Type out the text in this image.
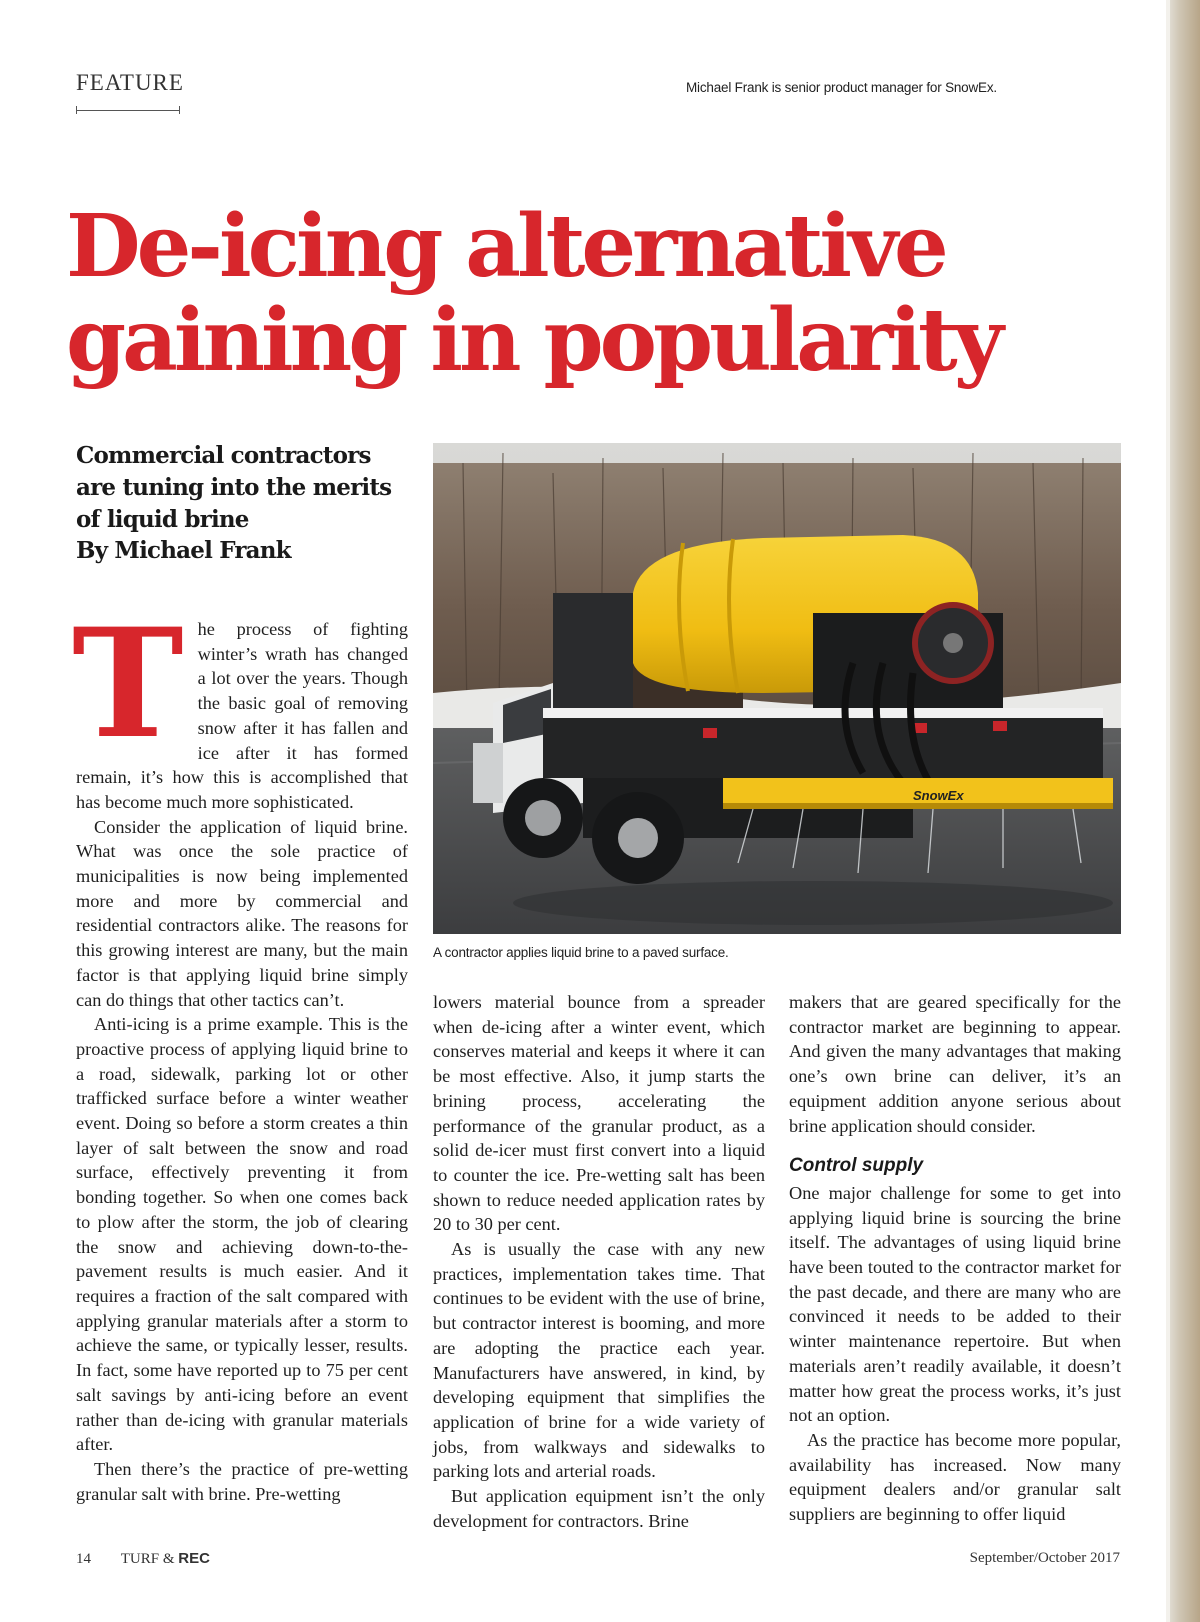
FEATURE	Michael Frank is senior product manager for SnowEx.
De-icing alternative
gaining in popularity

Commercial contractors are tuning into the merits of liquid brine

By Michael Frank
SnowEx
A contractor applies liquid brine to a paved surface.
T he process of fighting winter’s wrath has changed a lot over the years. Though the basic goal of removing snow after it has fallen and ice after it has formed remain, it’s how this is accomplished that has become much more sophisticated.

Consider the application of liquid brine. What was once the sole practice of municipalities is now being implemented more and more by commercial and residential contractors alike. The reasons for this growing interest are many, but the main factor is that applying liquid brine simply can do things that other tactics can’t.

Anti-icing is a prime example. This is the proactive process of applying liquid brine to a road, sidewalk, parking lot or other trafficked surface before a winter weather event. Doing so before a storm creates a thin layer of salt between the snow and road surface, effectively preventing it from bonding together. So when one comes back to plow after the storm, the job of clearing the snow and achieving down-to-the-pavement results is much easier. And it requires a fraction of the salt compared with applying granular materials after a storm to achieve the same, or typically lesser, results. In fact, some have reported up to 75 per cent salt savings by anti-icing before an event rather than de-icing with granular materials after.

Then there’s the practice of pre-wetting granular salt with brine. Pre-wetting

lowers material bounce from a spreader when de-icing after a winter event, which conserves material and keeps it where it can be most effective. Also, it jump starts the brining process, accelerating the performance of the granular product, as a solid de-icer must first convert into a liquid to counter the ice. Pre-wetting salt has been shown to reduce needed application rates by 20 to 30 per cent.

As is usually the case with any new practices, implementation takes time. That continues to be evident with the use of brine, but contractor interest is booming, and more are adopting the practice each year. Manufacturers have answered, in kind, by developing equipment that simplifies the application of brine for a wide variety of jobs, from walkways and sidewalks to parking lots and arterial roads.

But application equipment isn’t the only development for contractors. Brine

makers that are geared specifically for the contractor market are beginning to appear. And given the many advantages that making one’s own brine can deliver, it’s an equipment addition anyone serious about brine application should consider.

Control supply

One major challenge for some to get into applying liquid brine is sourcing the brine itself. The advantages of using liquid brine have been touted to the contractor market for the past decade, and there are many who are convinced it needs to be added to their winter maintenance repertoire. But when materials aren’t readily available, it doesn’t matter how great the process works, it’s just not an option.

As the practice has become more popular, availability has increased. Now many equipment dealers and/or granular salt suppliers are beginning to offer liquid

14 TURF & REC	September/October 2017
